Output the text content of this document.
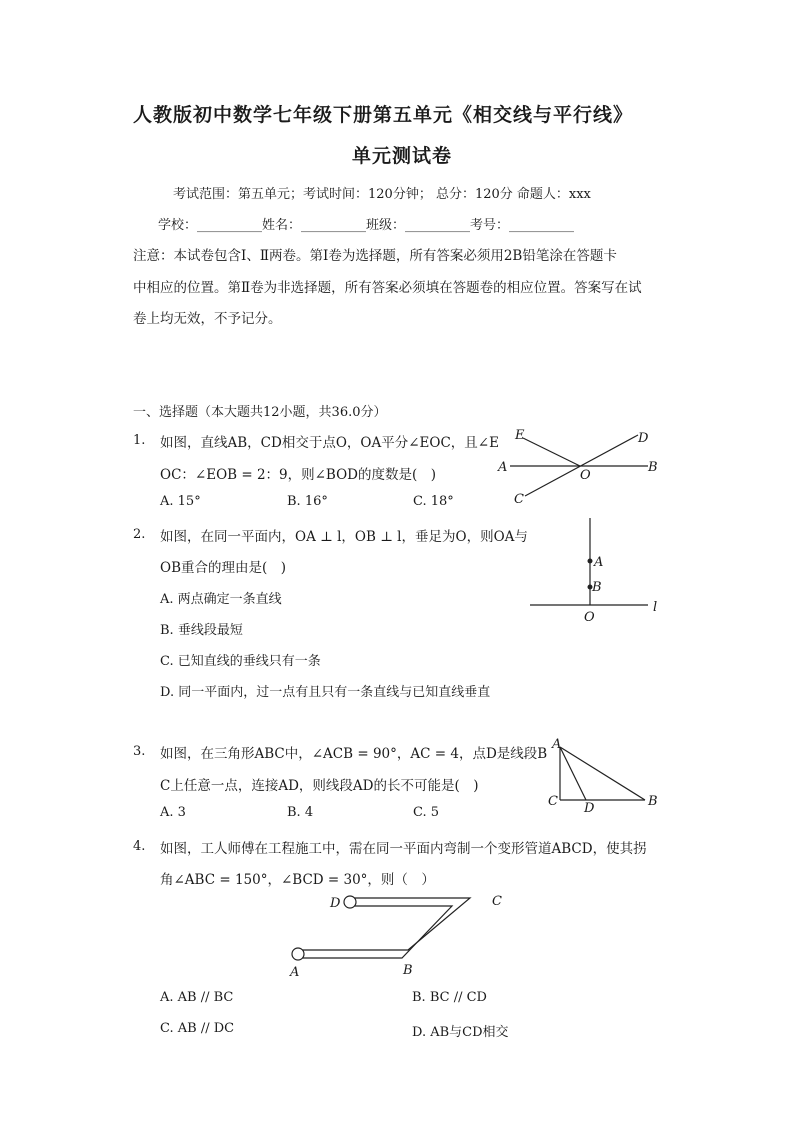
人教版初中数学七年级下册第五单元《相交线与平行线》
单元测试卷
考试范围：第五单元；考试时间：120分钟； 总分：120分 命题人：xxx
学校：__________姓名：__________班级：__________考号：__________
注意：本试卷包含Ⅰ、Ⅱ两卷。第Ⅰ卷为选择题，所有答案必须用2B铅笔涂在答题卡
中相应的位置。第Ⅱ卷为非选择题，所有答案必须填在答题卷的相应位置。答案写在试
卷上均无效，不予记分。
一、选择题（本大题共12小题，共36.0分）
1. 如图，直线AB，CD相交于点O，OA平分∠EOC，且∠E
OC：∠EOB = 2：9，则∠BOD的度数是(　)
A. 15°	B. 16°	C. 18°
E	D
A
O
B
C
2. 如图，在同一平面内，OA ⊥ l，OB ⊥ l，垂足为O，则OA与
OB重合的理由是(　)
A. 两点确定一条直线
B. 垂线段最短
C. 已知直线的垂线只有一条
D. 同一平面内，过一点有且只有一条直线与已知直线垂直
A
B
O
l
3. 如图，在三角形ABC中，∠ACB = 90°，AC = 4，点D是线段B
C上任意一点，连接AD，则线段AD的长不可能是(　)
A. 3	B. 4	C. 5
A
C D	B
4. 如图，工人师傅在工程施工中，需在同一平面内弯制一个变形管道ABCD，使其拐
角∠ABC = 150°，∠BCD = 30°，则（　）
D	C
A	B
A. AB // BC	B. BC // CD
C. AB // DC	D. AB与CD相交
